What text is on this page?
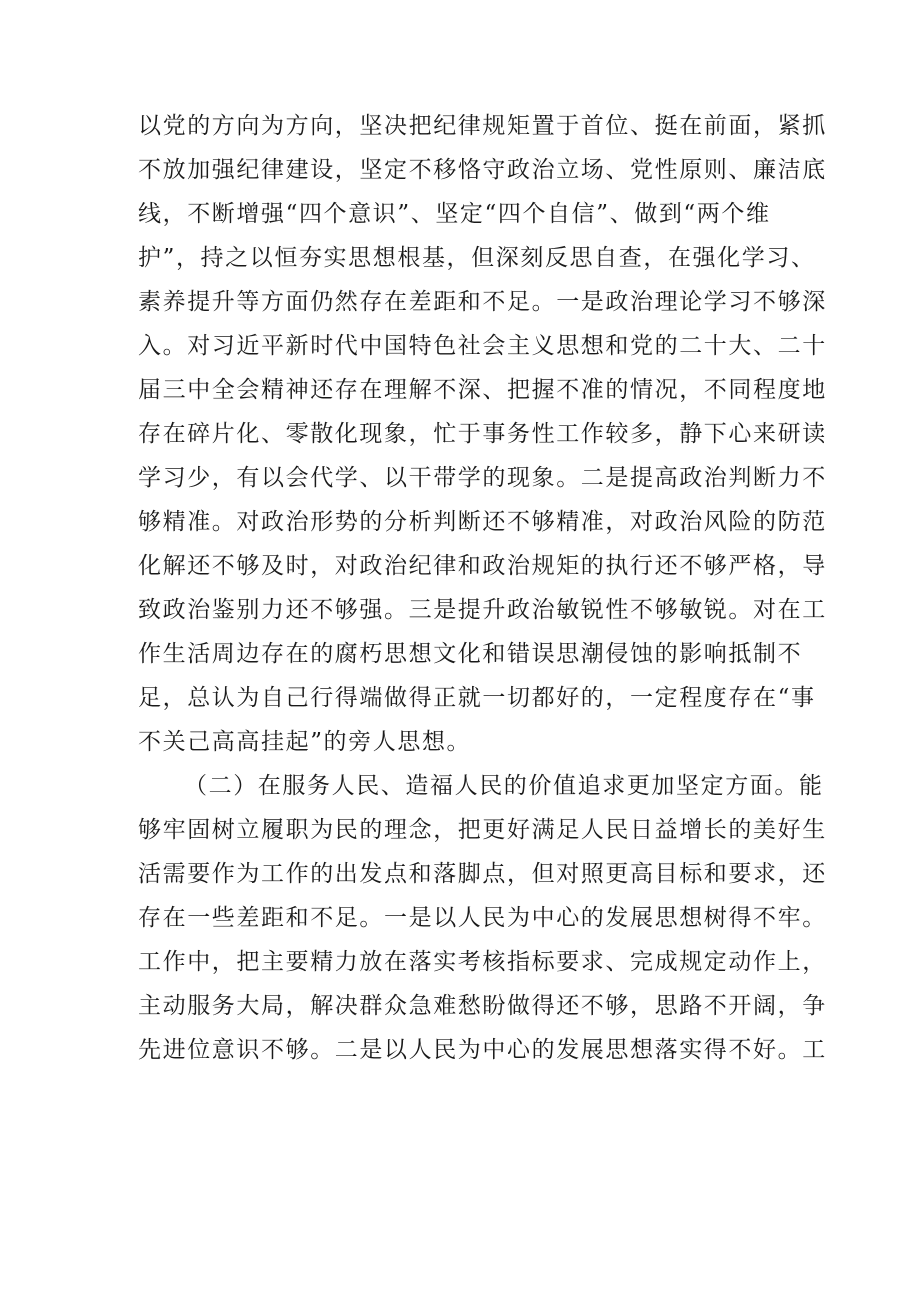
以党的方向为方向，坚决把纪律规矩置于首位、挺在前面，紧抓
不放加强纪律建设，坚定不移恪守政治立场、党性原则、廉洁底
线，不断增强“四个意识”、坚定“四个自信”、做到“两个维
护”，持之以恒夯实思想根基，但深刻反思自查，在强化学习、
素养提升等方面仍然存在差距和不足。一是政治理论学习不够深
入。对习近平新时代中国特色社会主义思想和党的二十大、二十
届三中全会精神还存在理解不深、把握不准的情况，不同程度地
存在碎片化、零散化现象，忙于事务性工作较多，静下心来研读
学习少，有以会代学、以干带学的现象。二是提高政治判断力不
够精准。对政治形势的分析判断还不够精准，对政治风险的防范
化解还不够及时，对政治纪律和政治规矩的执行还不够严格，导
致政治鉴别力还不够强。三是提升政治敏锐性不够敏锐。对在工
作生活周边存在的腐朽思想文化和错误思潮侵蚀的影响抵制不
足，总认为自己行得端做得正就一切都好的，一定程度存在“事
不关己高高挂起”的旁人思想。
（二）在服务人民、造福人民的价值追求更加坚定方面。能
够牢固树立履职为民的理念，把更好满足人民日益增长的美好生
活需要作为工作的出发点和落脚点，但对照更高目标和要求，还
存在一些差距和不足。一是以人民为中心的发展思想树得不牢。
工作中，把主要精力放在落实考核指标要求、完成规定动作上，
主动服务大局，解决群众急难愁盼做得还不够，思路不开阔，争
先进位意识不够。二是以人民为中心的发展思想落实得不好。工
